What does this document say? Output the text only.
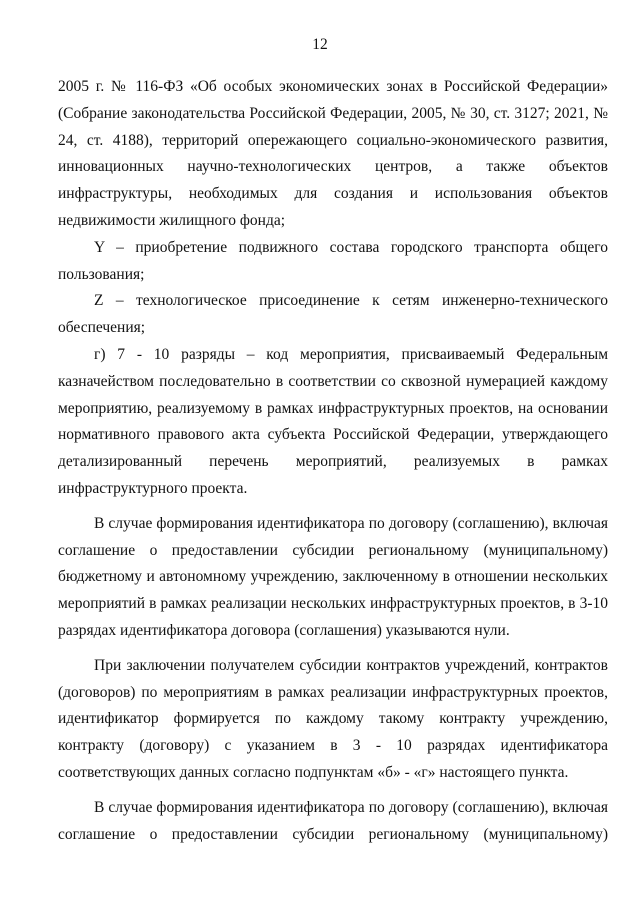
12

2005 г. № 116-ФЗ «Об особых экономических зонах в Российской Федерации» (Собрание законодательства Российской Федерации, 2005, № 30, ст. 3127; 2021, № 24, ст. 4188), территорий опережающего социально-экономического развития, инновационных научно-технологических центров, а также объектов инфраструктуры, необходимых для создания и использования объектов недвижимости жилищного фонда;

Y – приобретение подвижного состава городского транспорта общего пользования;

Z – технологическое присоединение к сетям инженерно-технического обеспечения;

г) 7 - 10 разряды – код мероприятия, присваиваемый Федеральным казначейством последовательно в соответствии со сквозной нумерацией каждому мероприятию, реализуемому в рамках инфраструктурных проектов, на основании нормативного правового акта субъекта Российской Федерации, утверждающего детализированный перечень мероприятий, реализуемых в рамках инфраструктурного проекта.

В случае формирования идентификатора по договору (соглашению), включая соглашение о предоставлении субсидии региональному (муниципальному) бюджетному и автономному учреждению, заключенному в отношении нескольких мероприятий в рамках реализации нескольких инфраструктурных проектов, в 3-10 разрядах идентификатора договора (соглашения) указываются нули.

При заключении получателем субсидии контрактов учреждений, контрактов (договоров) по мероприятиям в рамках реализации инфраструктурных проектов, идентификатор формируется по каждому такому контракту учреждению, контракту (договору) с указанием в 3 - 10 разрядах идентификатора соответствующих данных согласно подпунктам «б» - «г» настоящего пункта.

В случае формирования идентификатора по договору (соглашению), включая соглашение о предоставлении субсидии региональному (муниципальному)
